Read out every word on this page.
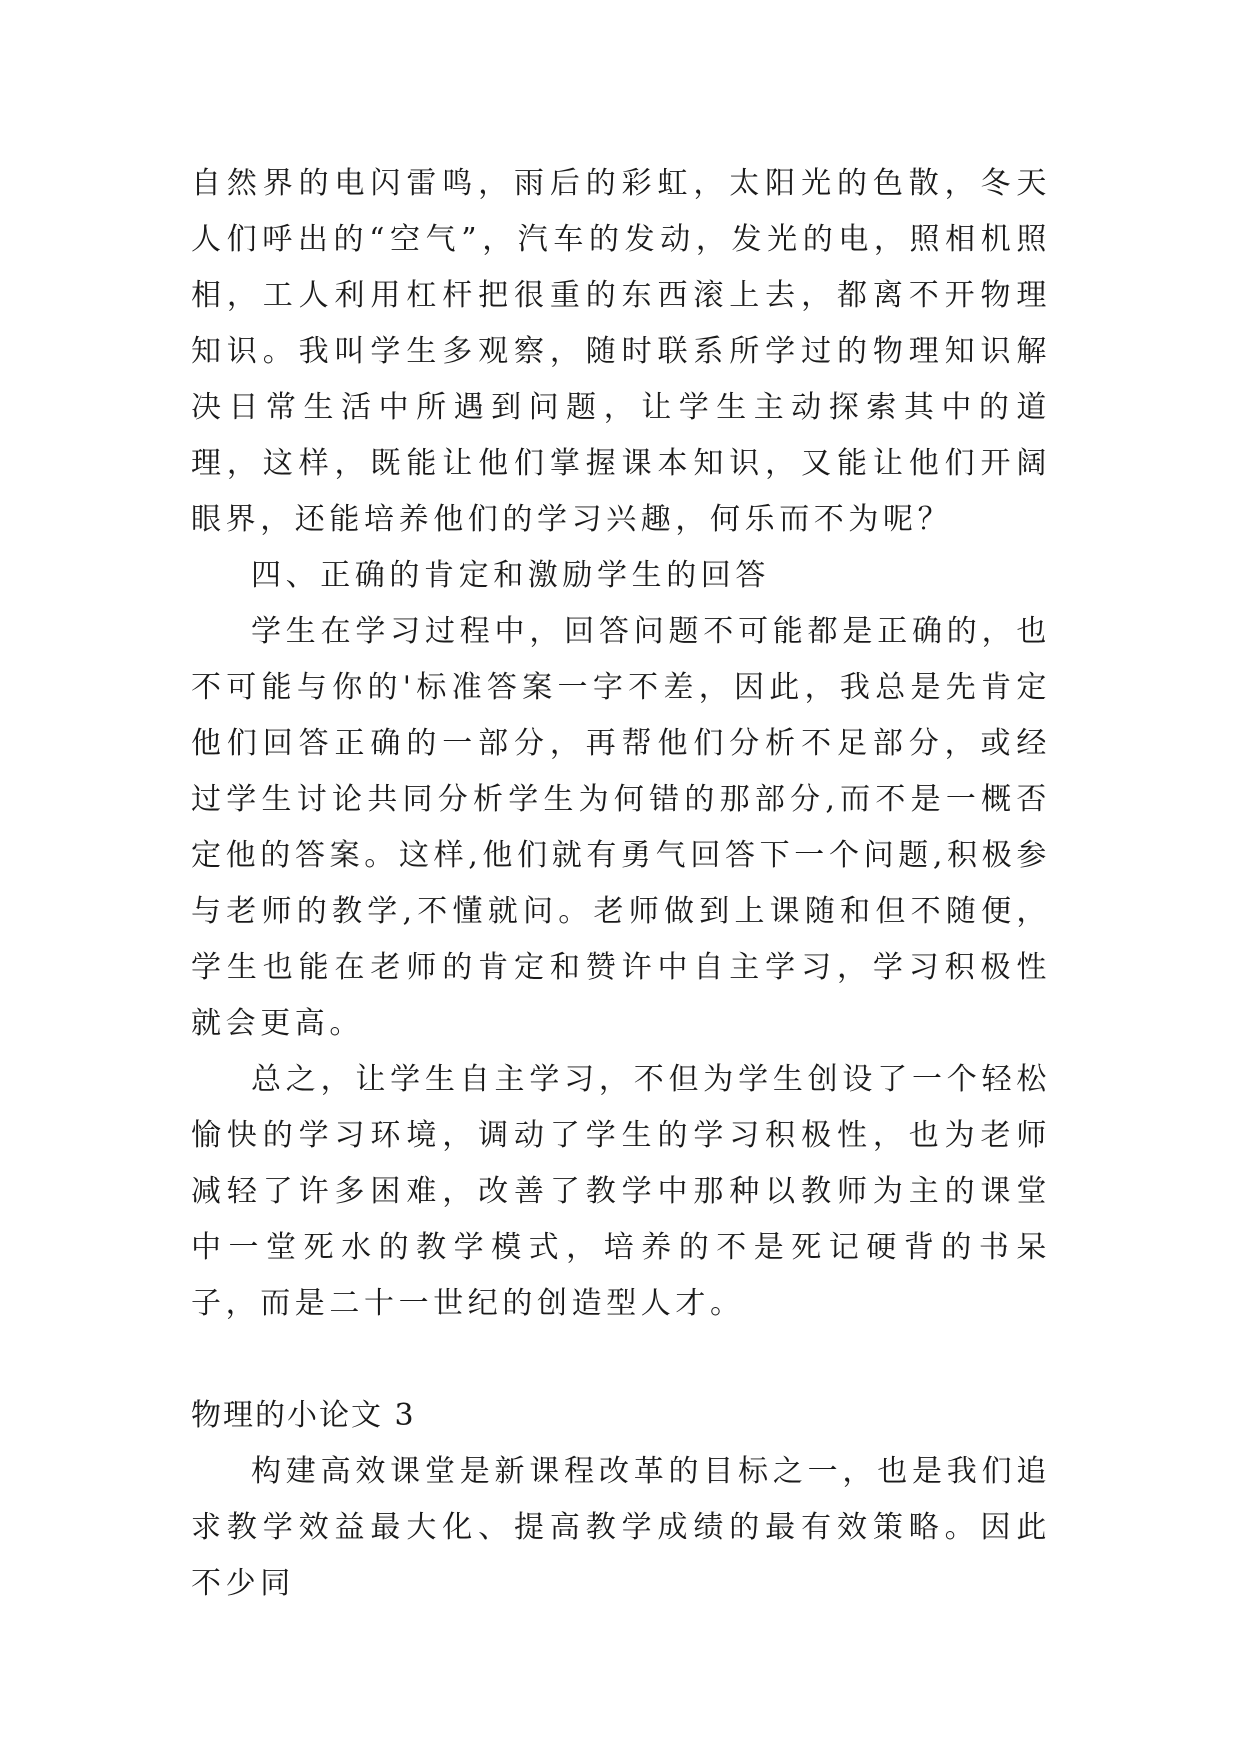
自然界的电闪雷鸣，雨后的彩虹，太阳光的色散，冬天人们呼出的“空气”，汽车的发动，发光的电，照相机照相，工人利用杠杆把很重的东西滚上去，都离不开物理知识。我叫学生多观察，随时联系所学过的物理知识解决日常生活中所遇到问题，让学生主动探索其中的道理，这样，既能让他们掌握课本知识，又能让他们开阔眼界，还能培养他们的学习兴趣，何乐而不为呢？

四、正确的肯定和激励学生的回答

学生在学习过程中，回答问题不可能都是正确的，也不可能与你的'标准答案一字不差，因此，我总是先肯定他们回答正确的一部分，再帮他们分析不足部分，或经过学生讨论共同分析学生为何错的那部分,而不是一概否定他的答案。这样,他们就有勇气回答下一个问题,积极参与老师的教学,不懂就问。老师做到上课随和但不随便，学生也能在老师的肯定和赞许中自主学习，学习积极性就会更高。

总之，让学生自主学习，不但为学生创设了一个轻松愉快的学习环境，调动了学生的学习积极性，也为老师减轻了许多困难，改善了教学中那种以教师为主的课堂中一堂死水的教学模式，培养的不是死记硬背的书呆子，而是二十一世纪的创造型人才。

物理的小论文 3

构建高效课堂是新课程改革的目标之一，也是我们追求教学效益最大化、提高教学成绩的最有效策略。因此不少同
